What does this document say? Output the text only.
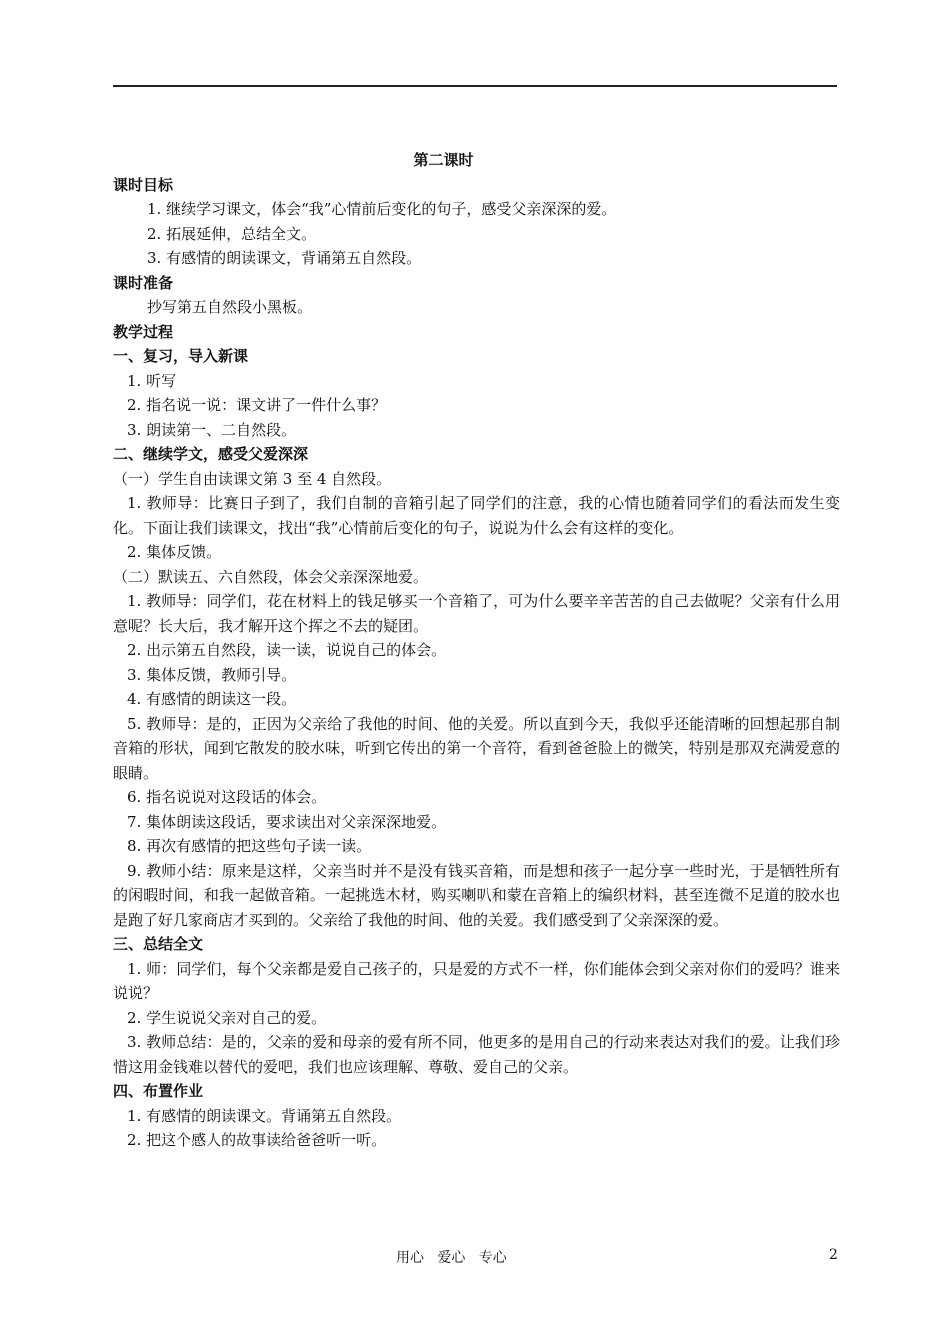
第二课时

课时目标

1. 继续学习课文，体会“我”心情前后变化的句子，感受父亲深深的爱。

2. 拓展延伸，总结全文。

3. 有感情的朗读课文，背诵第五自然段。

课时准备

抄写第五自然段小黑板。

教学过程

一、复习，导入新课

1. 听写

2. 指名说一说：课文讲了一件什么事？

3. 朗读第一、二自然段。

二、继续学文，感受父爱深深

（一）学生自由读课文第 3 至 4 自然段。

1. 教师导：比赛日子到了，我们自制的音箱引起了同学们的注意，我的心情也随着同学们的看法而发生变化。下面让我们读课文，找出“我”心情前后变化的句子，说说为什么会有这样的变化。

2. 集体反馈。

（二）默读五、六自然段，体会父亲深深地爱。

1. 教师导：同学们，花在材料上的钱足够买一个音箱了，可为什么要辛辛苦苦的自己去做呢？父亲有什么用意呢？长大后，我才解开这个挥之不去的疑团。

2. 出示第五自然段，读一读，说说自己的体会。

3. 集体反馈，教师引导。

4. 有感情的朗读这一段。

5. 教师导：是的，正因为父亲给了我他的时间、他的关爱。所以直到今天，我似乎还能清晰的回想起那自制音箱的形状，闻到它散发的胶水味，听到它传出的第一个音符，看到爸爸脸上的微笑，特别是那双充满爱意的眼睛。

6. 指名说说对这段话的体会。

7. 集体朗读这段话，要求读出对父亲深深地爱。

8. 再次有感情的把这些句子读一读。

9. 教师小结：原来是这样，父亲当时并不是没有钱买音箱，而是想和孩子一起分享一些时光，于是牺牲所有的闲暇时间，和我一起做音箱。一起挑选木材，购买喇叭和蒙在音箱上的编织材料，甚至连微不足道的胶水也是跑了好几家商店才买到的。父亲给了我他的时间、他的关爱。我们感受到了父亲深深的爱。

三、总结全文

1. 师：同学们，每个父亲都是爱自己孩子的，只是爱的方式不一样，你们能体会到父亲对你们的爱吗？谁来说说？

2. 学生说说父亲对自己的爱。

3. 教师总结：是的，父亲的爱和母亲的爱有所不同，他更多的是用自己的行动来表达对我们的爱。让我们珍惜这用金钱难以替代的爱吧，我们也应该理解、尊敬、爱自己的父亲。

四、布置作业

1. 有感情的朗读课文。背诵第五自然段。

2. 把这个感人的故事读给爸爸听一听。

用心   爱心   专心	2
